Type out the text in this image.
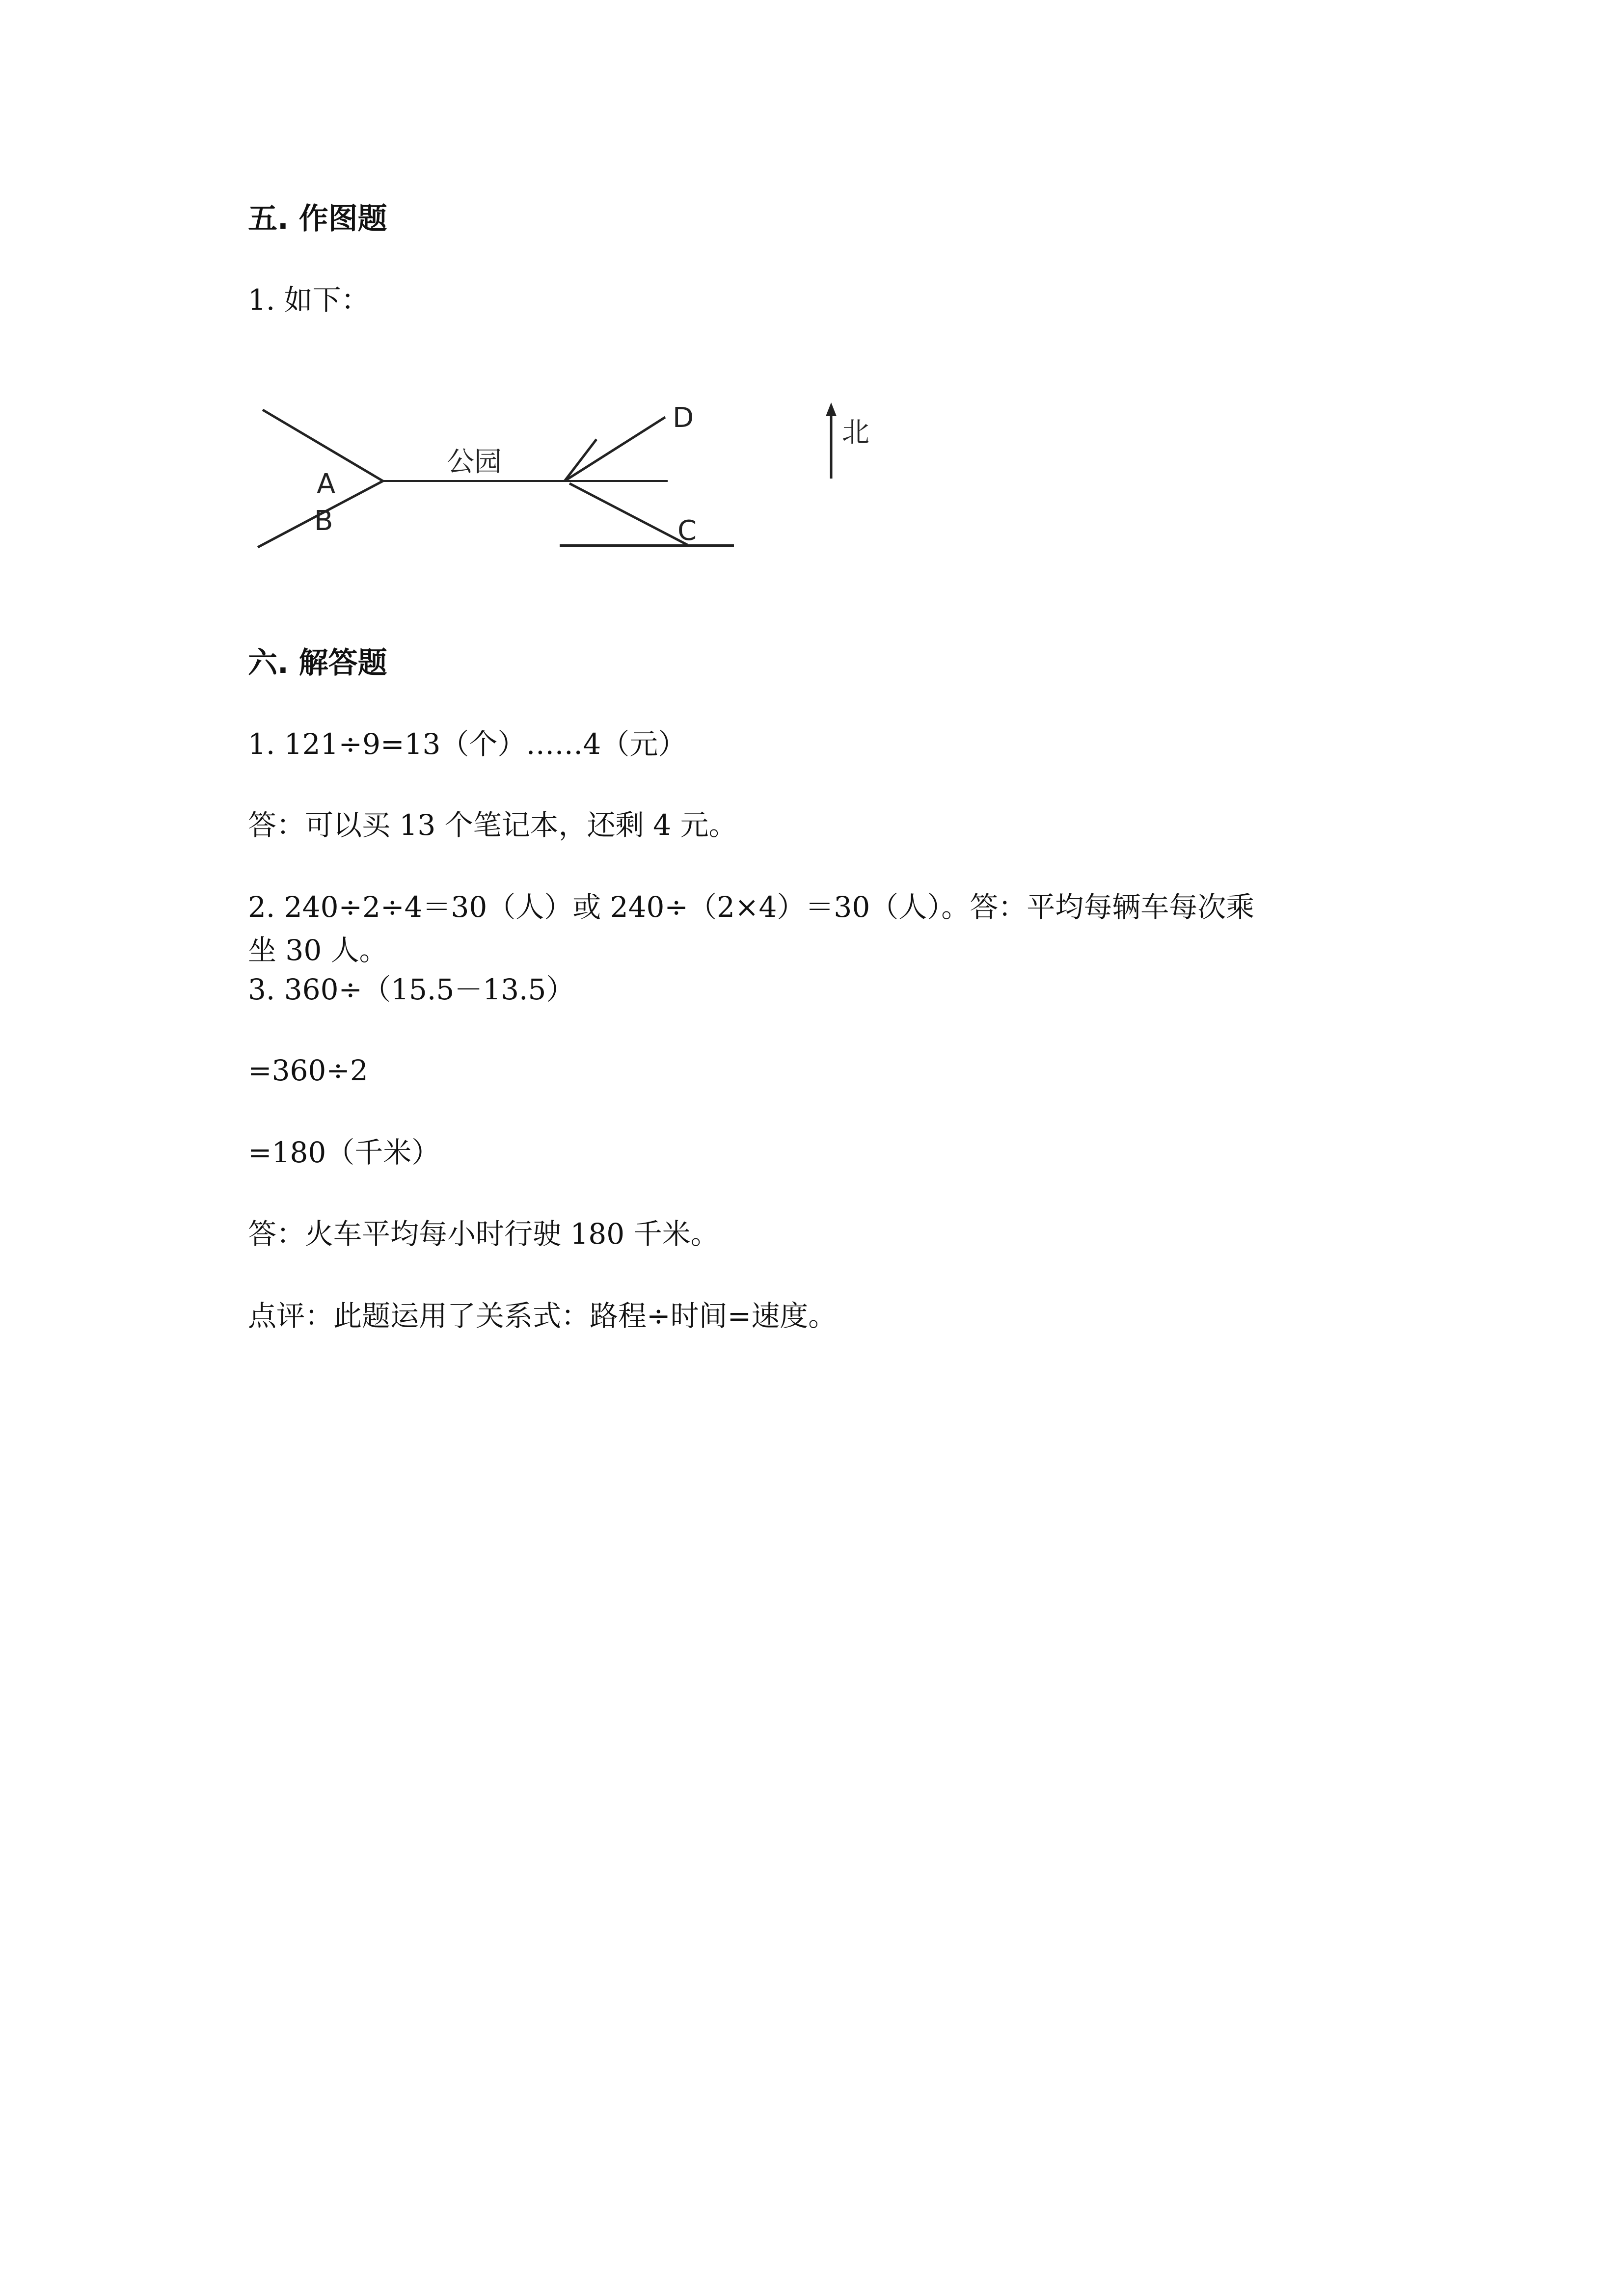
五. 作图题
1. 如下：
B
A
公园
D
C
北
六. 解答题
1. 121÷9=13（个）……4（元）
答：可以买 13 个笔记本，还剩 4 元。
2. 240÷2÷4＝30（人）或 240÷（2×4）＝30（人）。答：平均每辆车每次乘
坐 30 人。
3. 360÷（15.5－13.5）
=360÷2
=180（千米）
答：火车平均每小时行驶 180 千米。
点评：此题运用了关系式：路程÷时间=速度。
